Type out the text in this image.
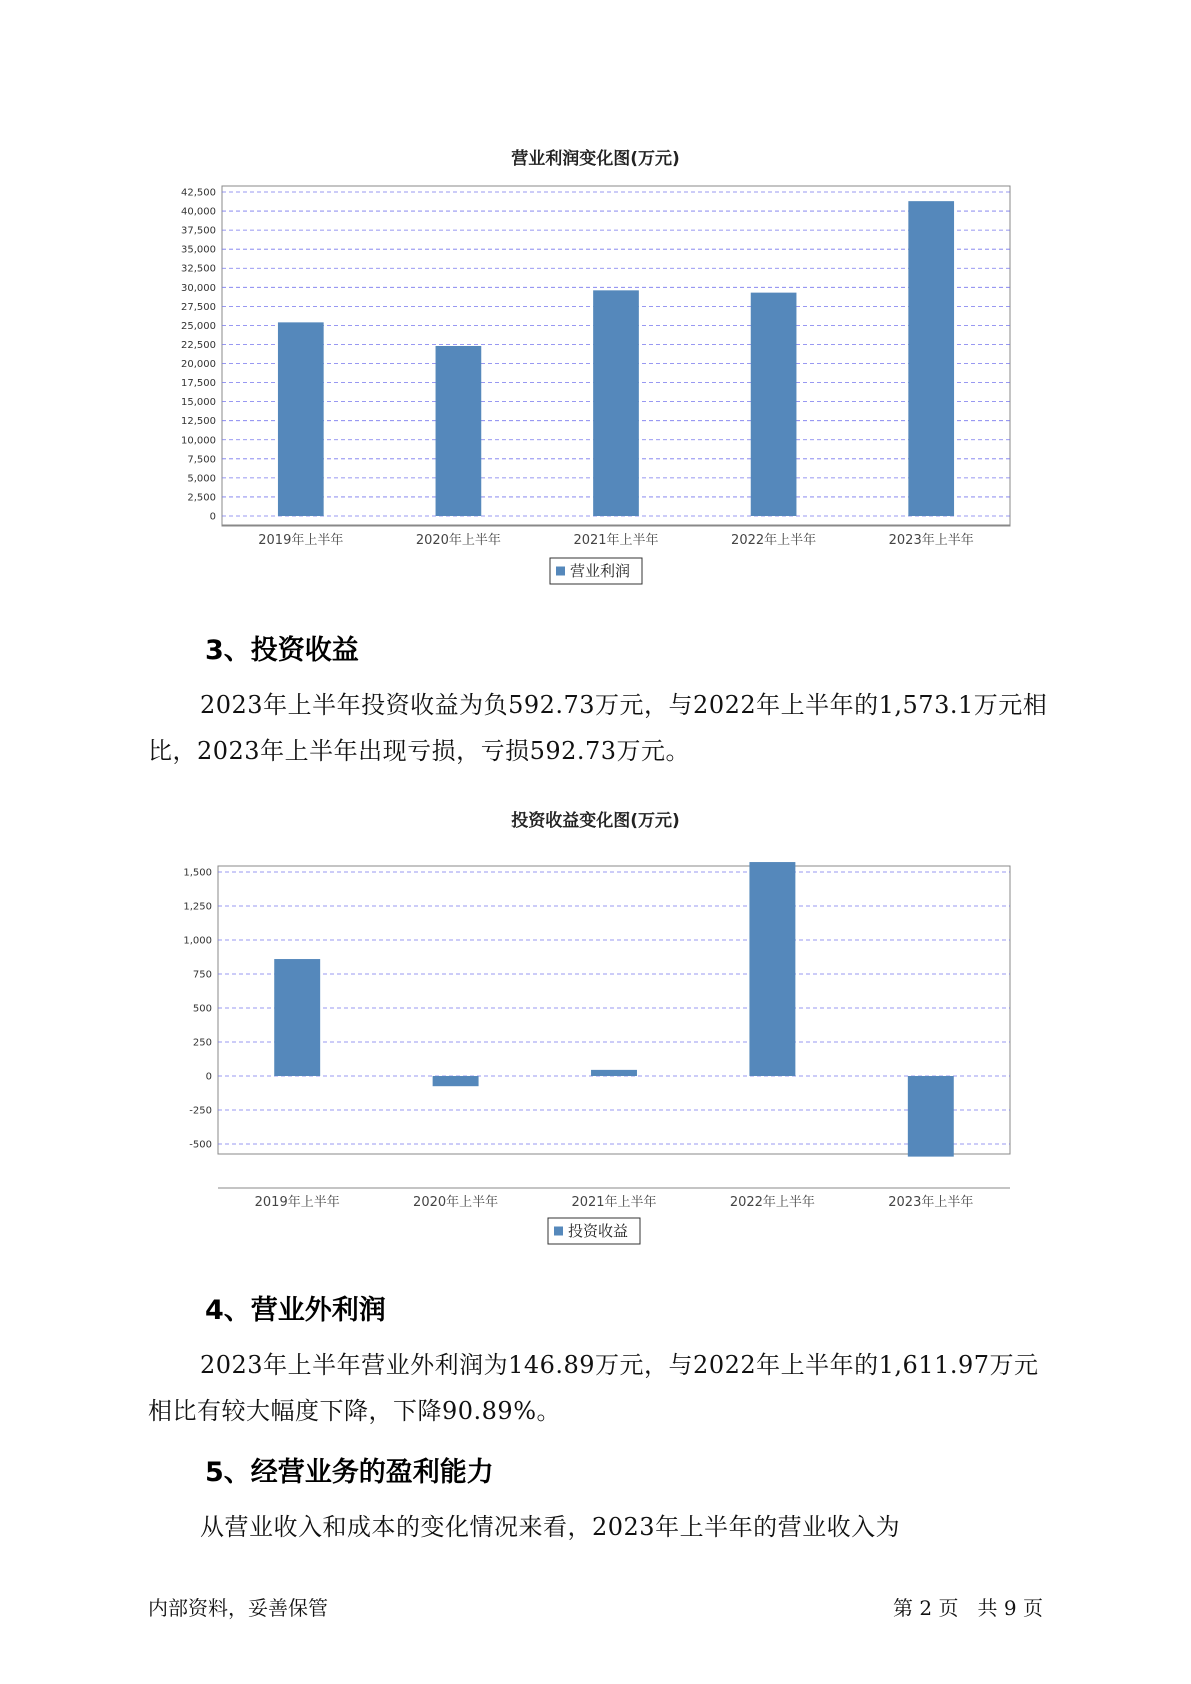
营业利润变化图(万元)
0
2,500
5,000
7,500
10,000
12,500
15,000
17,500
20,000
22,500
25,000
27,500
30,000
32,500
35,000
37,500
40,000
42,500
2019年上半年	2020年上半年	2021年上半年	2022年上半年	2023年上半年
营业利润
3、投资收益

2023年上半年投资收益为负592.73万元，与2022年上半年的1,573.1万元相比，2023年上半年出现亏损，亏损592.73万元。

投资收益变化图(万元)
-500
-250
0
250
500
750
1,000
1,250
1,500
2019年上半年	2020年上半年	2021年上半年	2022年上半年	2023年上半年
投资收益
4、营业外利润

2023年上半年营业外利润为146.89万元，与2022年上半年的1,611.97万元相比有较大幅度下降，下降90.89%。

5、经营业务的盈利能力

从营业收入和成本的变化情况来看，2023年上半年的营业收入为

内部资料，妥善保管	第 2 页   共 9 页
